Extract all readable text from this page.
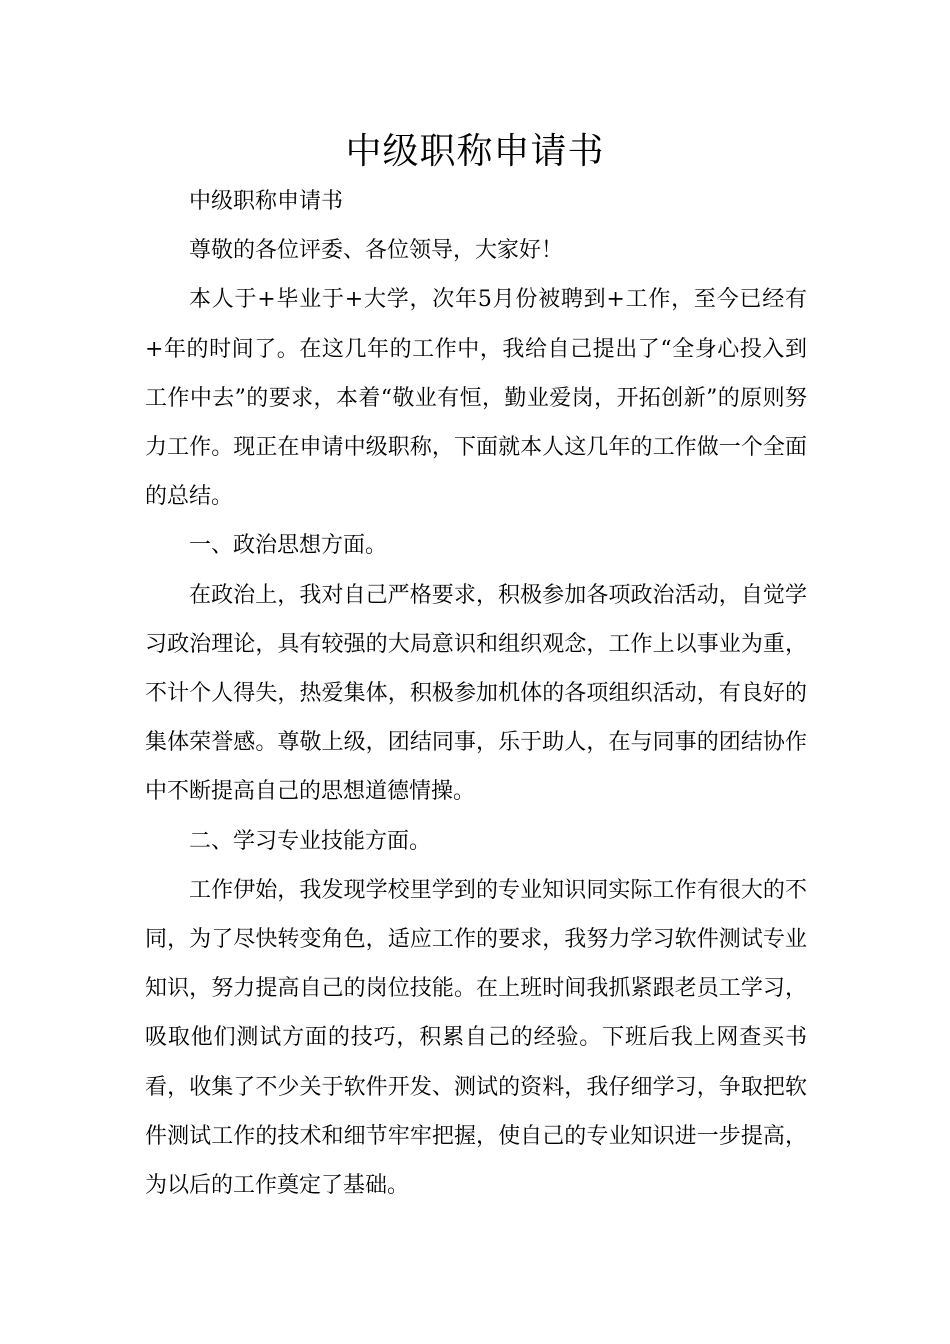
中级职称申请书

中级职称申请书

尊敬的各位评委、各位领导，大家好！

本人于+毕业于+大学，次年5月份被聘到+工作，至今已经有+年的时间了。在这几年的工作中，我给自己提出了“全身心投入到工作中去”的要求，本着“敬业有恒，勤业爱岗，开拓创新”的原则努力工作。现正在申请中级职称，下面就本人这几年的工作做一个全面的总结。

一、政治思想方面。

在政治上，我对自己严格要求，积极参加各项政治活动，自觉学习政治理论，具有较强的大局意识和组织观念，工作上以事业为重，不计个人得失，热爱集体，积极参加机体的各项组织活动，有良好的集体荣誉感。尊敬上级，团结同事，乐于助人，在与同事的团结协作中不断提高自己的思想道德情操。

二、学习专业技能方面。

工作伊始，我发现学校里学到的专业知识同实际工作有很大的不同，为了尽快转变角色，适应工作的要求，我努力学习软件测试专业知识，努力提高自己的岗位技能。在上班时间我抓紧跟老员工学习，吸取他们测试方面的技巧，积累自己的经验。下班后我上网查买书看，收集了不少关于软件开发、测试的资料，我仔细学习，争取把软件测试工作的技术和细节牢牢把握，使自己的专业知识进一步提高，为以后的工作奠定了基础。
